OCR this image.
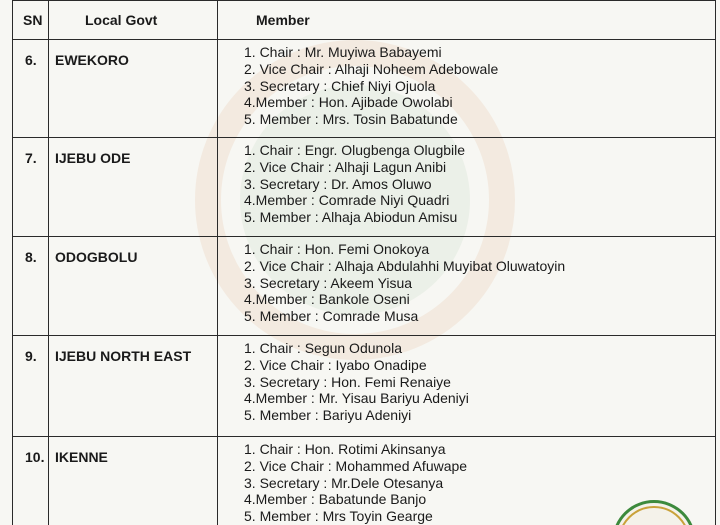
SN	Local Govt	Member
6.	EWEKORO	1. Chair : Mr. Muyiwa Babayemi
2. Vice Chair : Alhaji Noheem Adebowale
3. Secretary : Chief Niyi Ojuola
4.Member : Hon. Ajibade Owolabi
5. Member : Mrs. Tosin Babatunde

7.	IJEBU ODE	1. Chair : Engr. Olugbenga Olugbile
2. Vice Chair : Alhaji Lagun Anibi
3. Secretary : Dr. Amos Oluwo
4.Member : Comrade Niyi Quadri
5. Member : Alhaja Abiodun Amisu

8.	ODOGBOLU	1. Chair : Hon. Femi Onokoya
2. Vice Chair : Alhaja Abdulahhi Muyibat Oluwatoyin
3. Secretary : Akeem Yisua
4.Member : Bankole Oseni
5. Member : Comrade Musa

9.	IJEBU NORTH EAST	1. Chair : Segun Odunola
2. Vice Chair : Iyabo Onadipe
3. Secretary : Hon. Femi Renaiye
4.Member : Mr. Yisau Bariyu Adeniyi
5. Member : Bariyu Adeniyi

10.	IKENNE	1. Chair : Hon. Rotimi Akinsanya
2. Vice Chair : Mohammed Afuwape
3. Secretary : Mr.Dele Otesanya
4.Member : Babatunde Banjo
5. Member : Mrs Toyin Gearge
